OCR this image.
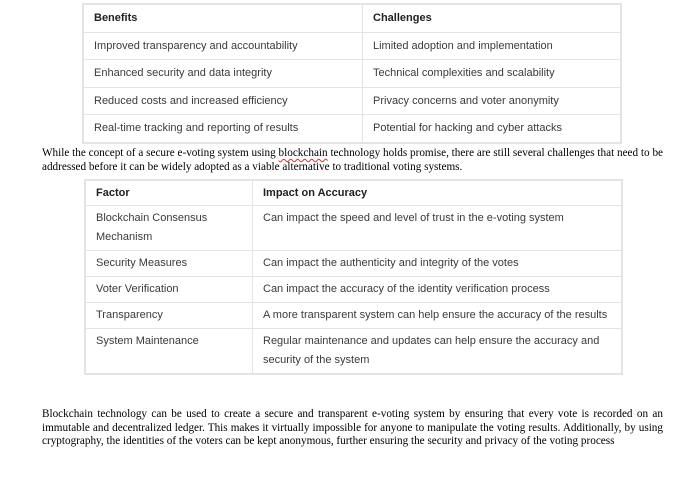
Benefits	Challenges
Improved transparency and accountability	Limited adoption and implementation
Enhanced security and data integrity	Technical complexities and scalability
Reduced costs and increased efficiency	Privacy concerns and voter anonymity
Real-time tracking and reporting of results	Potential for hacking and cyber attacks

While the concept of a secure e-voting system using blockchain technology holds promise, there are still several challenges that need to be addressed before it can be widely adopted as a viable alternative to traditional voting systems.

Factor	Impact on Accuracy
Blockchain Consensus Mechanism	Can impact the speed and level of trust in the e-voting system
Security Measures	Can impact the authenticity and integrity of the votes
Voter Verification	Can impact the accuracy of the identity verification process
Transparency	A more transparent system can help ensure the accuracy of the results
System Maintenance	Regular maintenance and updates can help ensure the accuracy and security of the system

Blockchain technology can be used to create a secure and transparent e-voting system by ensuring that every vote is recorded on an immutable and decentralized ledger. This makes it virtually impossible for anyone to manipulate the voting results. Additionally, by using cryptography, the identities of the voters can be kept anonymous, further ensuring the security and privacy of the voting process
